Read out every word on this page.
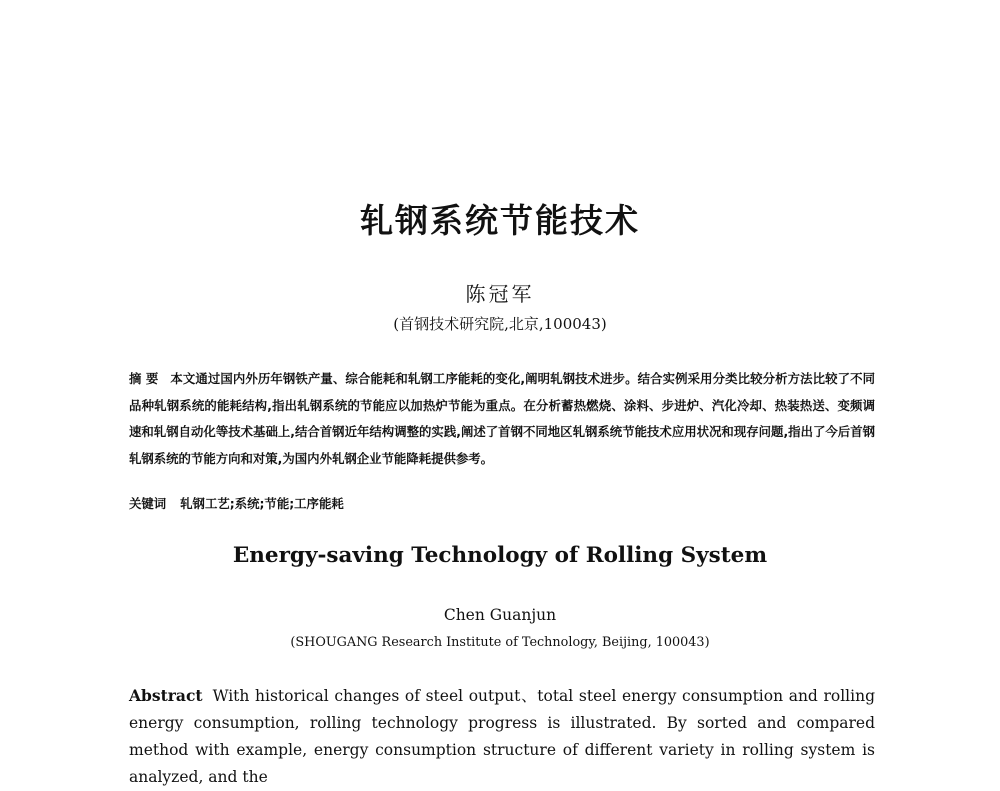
轧钢系统节能技术
陈冠军
(首钢技术研究院,北京,100043)
摘 要 本文通过国内外历年钢铁产量、综合能耗和轧钢工序能耗的变化,阐明轧钢技术进步。结合实例采用分类比较分析方法比较了不同品种轧钢系统的能耗结构,指出轧钢系统的节能应以加热炉节能为重点。在分析蓄热燃烧、涂料、步进炉、汽化冷却、热装热送、变频调速和轧钢自动化等技术基础上,结合首钢近年结构调整的实践,阐述了首钢不同地区轧钢系统节能技术应用状况和现存问题,指出了今后首钢轧钢系统的节能方向和对策,为国内外轧钢企业节能降耗提供参考。
关键词 轧钢工艺;系统;节能;工序能耗
Energy-saving Technology of Rolling System
Chen Guanjun
(SHOUGANG Research Institute of Technology, Beijing, 100043)
Abstract With historical changes of steel output、total steel energy consumption and rolling energy consumption, rolling technology progress is illustrated. By sorted and compared method with example, energy consumption structure of different variety in rolling system is analyzed, and the
